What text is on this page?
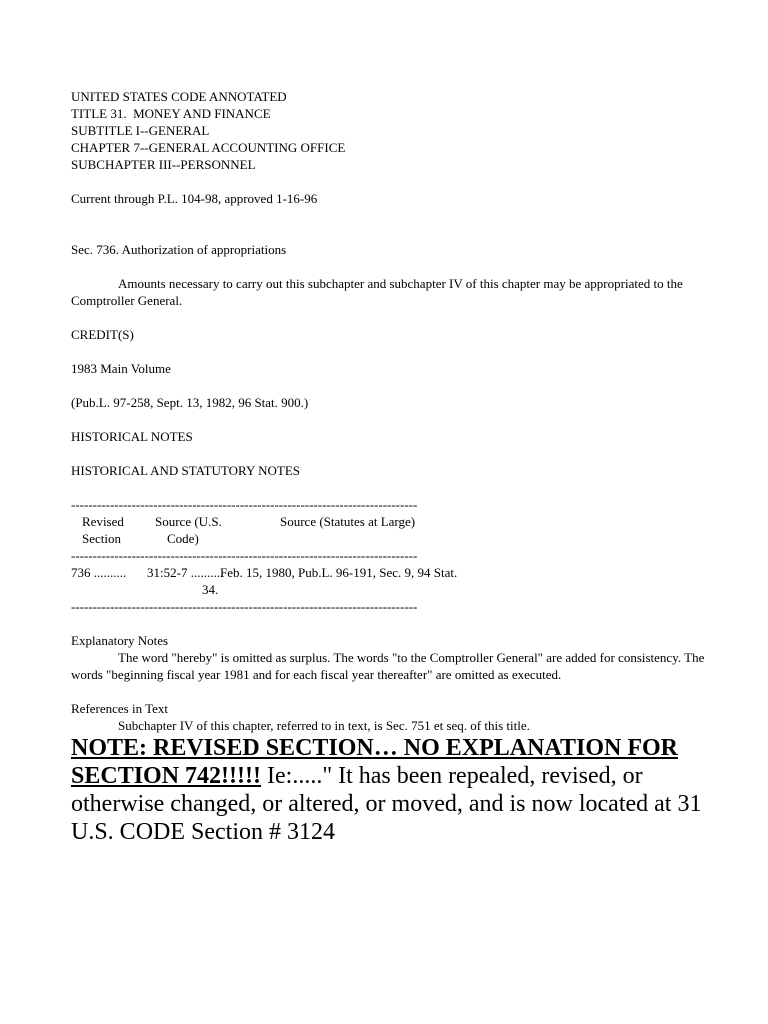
UNITED STATES CODE ANNOTATED
TITLE 31.  MONEY AND FINANCE
SUBTITLE I--GENERAL
CHAPTER 7--GENERAL ACCOUNTING OFFICE
SUBCHAPTER III--PERSONNEL
Current through P.L. 104-98, approved 1-16-96
Sec. 736. Authorization of appropriations

Amounts necessary to carry out this subchapter and subchapter IV of this chapter may be appropriated to the Comptroller General.

CREDIT(S)
1983 Main Volume
(Pub.L. 97-258, Sept. 13, 1982, 96 Stat. 900.)
HISTORICAL NOTES
HISTORICAL AND STATUTORY NOTES
--------------------------------------------------------------------------------
Revised Source (U.S.	Source (Statutes at Large)
Section	Code)
--------------------------------------------------------------------------------
736 .......... 31:52-7 ..........
Feb. 15, 1980, Pub.L. 96-191, Sec. 9, 94 Stat.
34.
--------------------------------------------------------------------------------
Explanatory Notes

The word "hereby" is omitted as surplus. The words "to the Comptroller General" are added for consistency. The words "beginning fiscal year 1981 and for each fiscal year thereafter" are omitted as executed.

References in Text

Subchapter IV of this chapter, referred to in text, is Sec. 751 et seq. of this title.

NOTE: REVISED SECTION… NO EXPLANATION FOR SECTION 742!!!!! Ie:....." It has been repealed, revised, or otherwise changed, or altered, or moved, and is now located at 31 U.S. CODE Section # 3124
